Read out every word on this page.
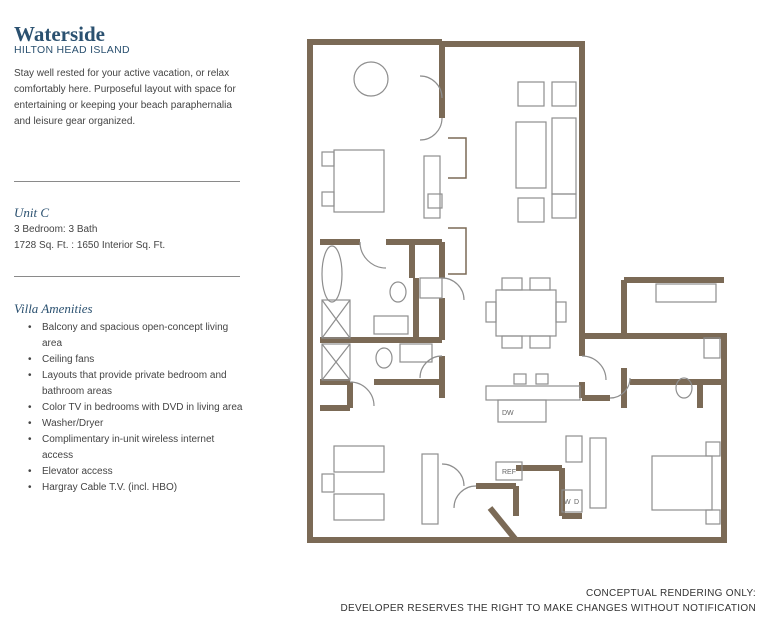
Waterside
HILTON HEAD ISLAND
Stay well rested for your active vacation, or relax comfortably here. Purposeful layout with space for entertaining or keeping your beach paraphernalia and leisure gear organized.
Unit C
3 Bedroom: 3 Bath
1728 Sq. Ft. : 1650 Interior Sq. Ft.
Villa Amenities
• Balcony and spacious open-concept living area
• Ceiling fans
• Layouts that provide private bedroom and bathroom areas
• Color TV in bedrooms with DVD in living area
• Washer/Dryer
• Complimentary in-unit wireless internet access
• Elevator access
• Hargray Cable T.V. (incl. HBO)
DW
REF
W D
CONCEPTUAL RENDERING ONLY:
DEVELOPER RESERVES THE RIGHT TO MAKE CHANGES WITHOUT NOTIFICATION
